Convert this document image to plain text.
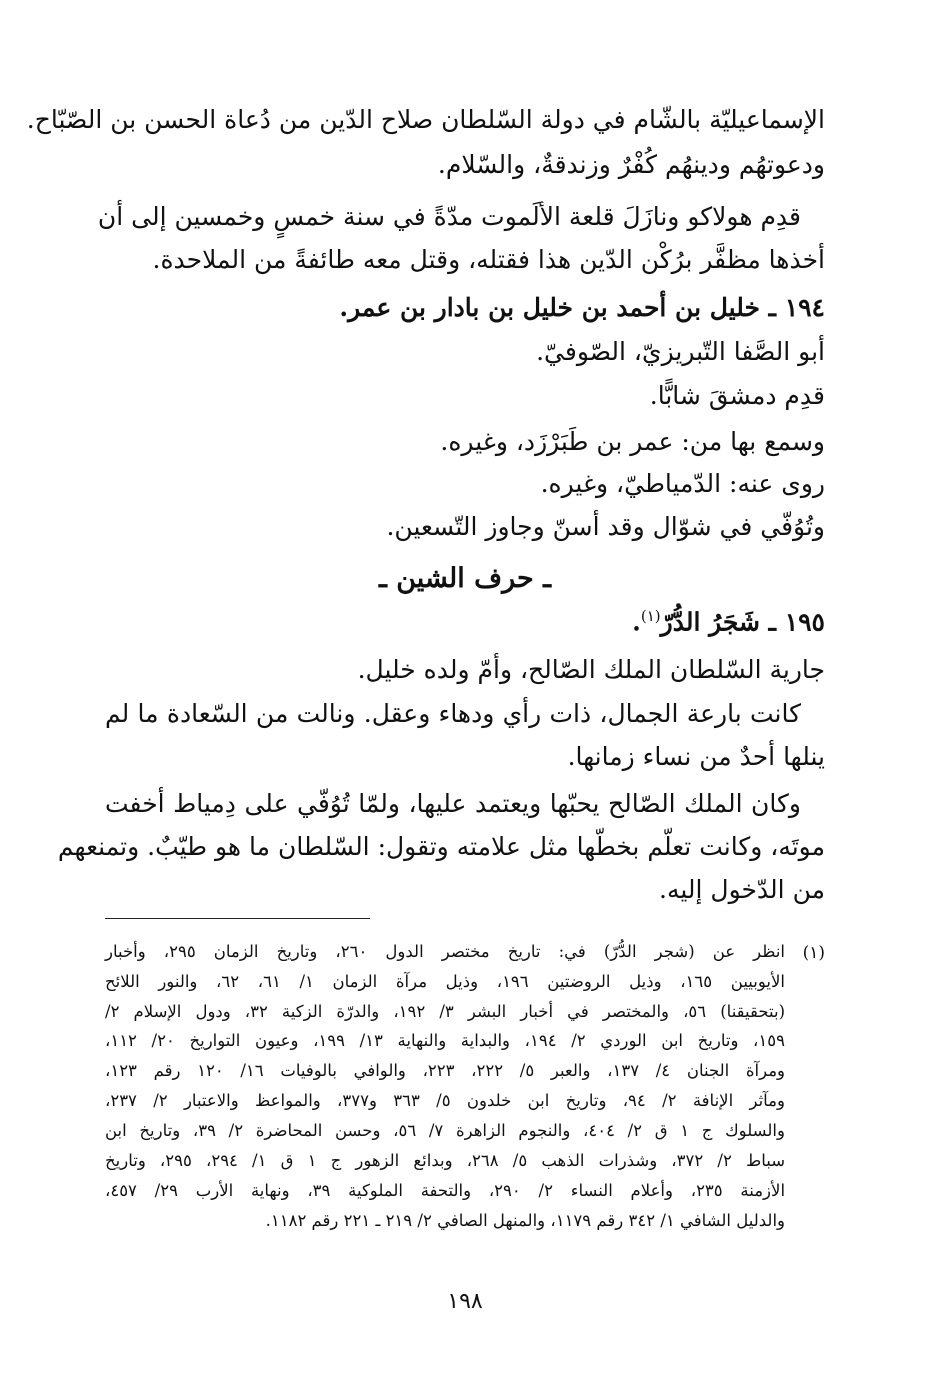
الإسماعيليّة بالشّام في دولة السّلطان صلاح الدّين من دُعاة الحسن بن الصّبّاح.
ودعوتهُم ودينهُم كُفْرٌ وزندقةٌ، والسّلام.
قدِم هولاكو ونازَلَ قلعة الألَموت مدّةً في سنة خمسٍ وخمسين إلى أن
أخذها مظفَّر برُكْن الدّين هذا فقتله، وقتل معه طائفةً من الملاحدة.
١٩٤ ـ خليل بن أحمد بن خليل بن بادار بن عمر.
أبو الصَّفا التّبريزيّ، الصّوفيّ.
قدِم دمشقَ شابًّا.
وسمع بها من: عمر بن طَبَرْزَد، وغيره.
روى عنه: الدّمياطيّ، وغيره.
وتُوُفّي في شوّال وقد أسنّ وجاوز التّسعين.
ـ حرف الشين ـ
١٩٥ ـ شَجَرُ الدُّرّ$^{(١)}$.
جارية السّلطان الملك الصّالح، وأمّ ولده خليل.
كانت بارعة الجمال، ذات رأي ودهاء وعقل. ونالت من السّعادة ما لم
ينلها أحدٌ من نساء زمانها.
وكان الملك الصّالح يحبّها ويعتمد عليها، ولمّا تُوُفّي على دِمياط أخفت
موتَه، وكانت تعلّم بخطّها مثل علامته وتقول: السّلطان ما هو طيّبٌ. وتمنعهم
من الدّخول إليه.
(١)
انظر عن (شجر الدُّرّ) في: تاريخ مختصر الدول ٢٦٠، وتاريخ الزمان ٢٩٥، وأخبار
الأيوبيين ١٦٥، وذيل الروضتين ١٩٦، وذيل مرآة الزمان ١/ ٦١، ٦٢، والنور اللائح
(بتحقيقنا) ٥٦، والمختصر في أخبار البشر ٣/ ١٩٢، والدرّة الزكية ٣٢، ودول الإسلام ٢/
١٥٩، وتاريخ ابن الوردي ٢/ ١٩٤، والبداية والنهاية ١٣/ ١٩٩، وعيون التواريخ ٢٠/ ١١٢،
ومرآة الجنان ٤/ ١٣٧، والعبر ٥/ ٢٢٢، ٢٢٣، والوافي بالوفيات ١٦/ ١٢٠ رقم ١٢٣،
ومآثر الإنافة ٢/ ٩٤، وتاريخ ابن خلدون ٥/ ٣٦٣ و٣٧٧، والمواعظ والاعتبار ٢/ ٢٣٧،
والسلوك ج ١ ق ٢/ ٤٠٤، والنجوم الزاهرة ٧/ ٥٦، وحسن المحاضرة ٢/ ٣٩، وتاريخ ابن
سباط ٢/ ٣٧٢، وشذرات الذهب ٥/ ٢٦٨، وبدائع الزهور ج ١ ق ١/ ٢٩٤، ٢٩٥، وتاريخ
الأزمنة ٢٣٥، وأعلام النساء ٢/ ٢٩٠، والتحفة الملوكية ٣٩، ونهاية الأرب ٢٩/ ٤٥٧،
والدليل الشافي ١/ ٣٤٢ رقم ١١٧٩، والمنهل الصافي ٢/ ٢١٩ ـ ٢٢١ رقم ١١٨٢.
١٩٨
